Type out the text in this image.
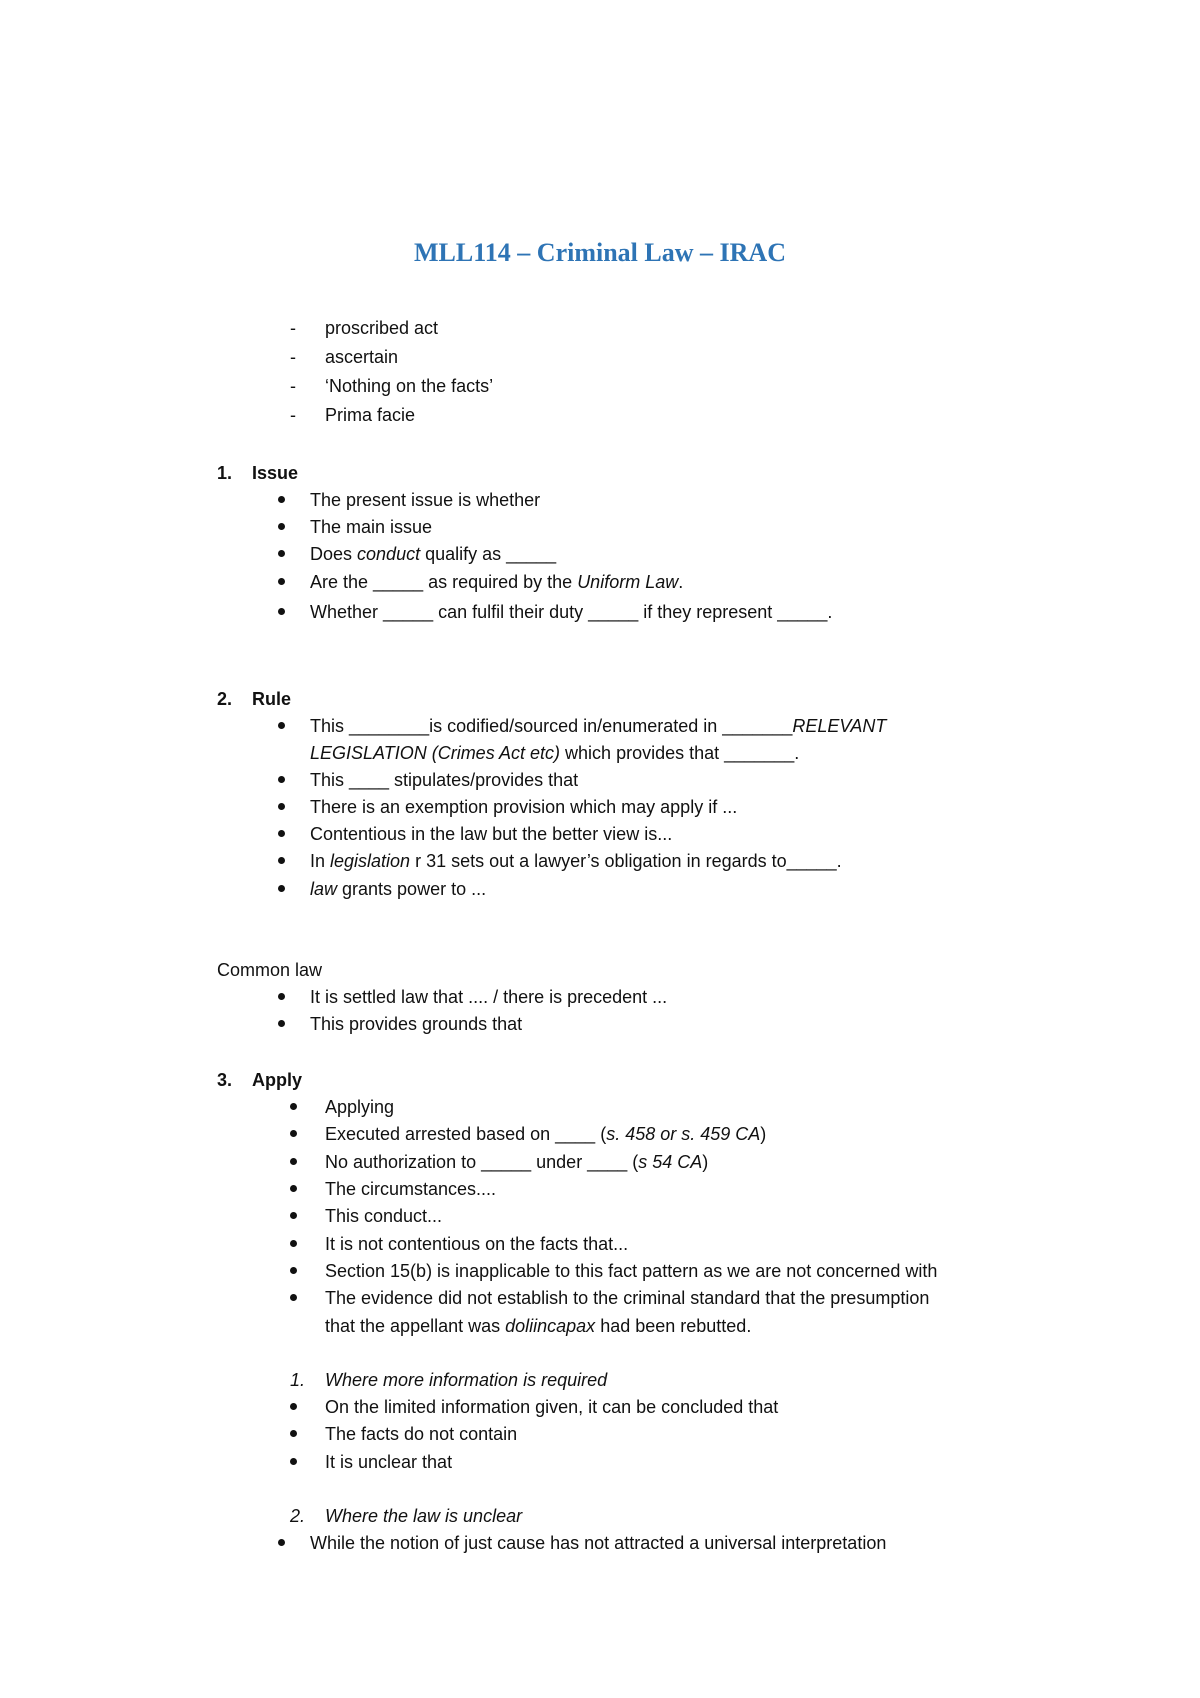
MLL114 – Criminal Law – IRAC
- proscribed act
- ascertain
- ‘Nothing on the facts’
- Prima facie
1. Issue
The present issue is whether
The main issue
Does conduct qualify as _____
Are the _____ as required by the Uniform Law.
Whether _____ can fulfil their duty _____ if they represent _____.
2. Rule
This ________is codified/sourced in/enumerated in _______RELEVANT
LEGISLATION (Crimes Act etc) which provides that _______.
This ____ stipulates/provides that
There is an exemption provision which may apply if ...
Contentious in the law but the better view is...
In legislation r 31 sets out a lawyer’s obligation in regards to_____.
law grants power to ...
Common law
It is settled law that .... / there is precedent ...
This provides grounds that
3. Apply
Applying
Executed arrested based on ____ (s. 458 or s. 459 CA)
No authorization to _____ under ____ (s 54 CA)
The circumstances....
This conduct...
It is not contentious on the facts that...
Section 15(b) is inapplicable to this fact pattern as we are not concerned with
The evidence did not establish to the criminal standard that the presumption
that the appellant was doliincapax had been rebutted.
1. Where more information is required
On the limited information given, it can be concluded that
The facts do not contain
It is unclear that
2. Where the law is unclear
While the notion of just cause has not attracted a universal interpretation
